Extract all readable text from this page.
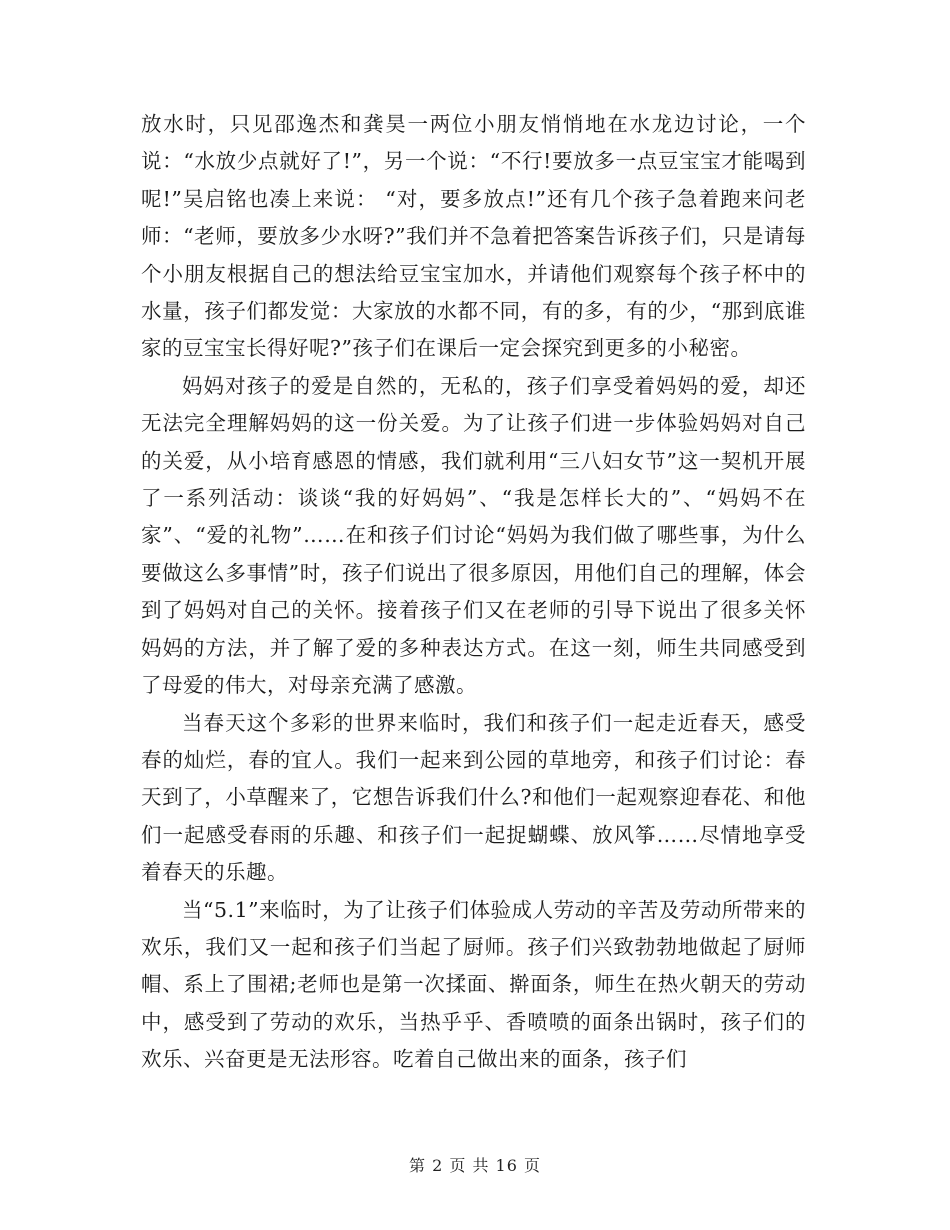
放水时，只见邵逸杰和龚昊一两位小朋友悄悄地在水龙边讨论，一个说：“水放少点就好了!”，另一个说：“不行!要放多一点豆宝宝才能喝到呢!”吴启铭也凑上来说： “对，要多放点!”还有几个孩子急着跑来问老师：“老师，要放多少水呀?”我们并不急着把答案告诉孩子们，只是请每个小朋友根据自己的想法给豆宝宝加水，并请他们观察每个孩子杯中的水量，孩子们都发觉：大家放的水都不同，有的多，有的少，“那到底谁家的豆宝宝长得好呢?”孩子们在课后一定会探究到更多的小秘密。

妈妈对孩子的爱是自然的，无私的，孩子们享受着妈妈的爱，却还无法完全理解妈妈的这一份关爱。为了让孩子们进一步体验妈妈对自己的关爱，从小培育感恩的情感，我们就利用“三八妇女节”这一契机开展了一系列活动：谈谈“我的好妈妈”、“我是怎样长大的”、“妈妈不在家”、“爱的礼物”……在和孩子们讨论“妈妈为我们做了哪些事，为什么要做这么多事情”时，孩子们说出了很多原因，用他们自己的理解，体会到了妈妈对自己的关怀。接着孩子们又在老师的引导下说出了很多关怀妈妈的方法，并了解了爱的多种表达方式。在这一刻，师生共同感受到了母爱的伟大，对母亲充满了感激。

当春天这个多彩的世界来临时，我们和孩子们一起走近春天，感受春的灿烂，春的宜人。我们一起来到公园的草地旁，和孩子们讨论：春天到了，小草醒来了，它想告诉我们什么?和他们一起观察迎春花、和他们一起感受春雨的乐趣、和孩子们一起捉蝴蝶、放风筝……尽情地享受着春天的乐趣。

当“5.1”来临时，为了让孩子们体验成人劳动的辛苦及劳动所带来的欢乐，我们又一起和孩子们当起了厨师。孩子们兴致勃勃地做起了厨师帽、系上了围裙;老师也是第一次揉面、擀面条，师生在热火朝天的劳动中，感受到了劳动的欢乐，当热乎乎、香喷喷的面条出锅时，孩子们的欢乐、兴奋更是无法形容。吃着自己做出来的面条，孩子们

第 2 页 共 16 页
